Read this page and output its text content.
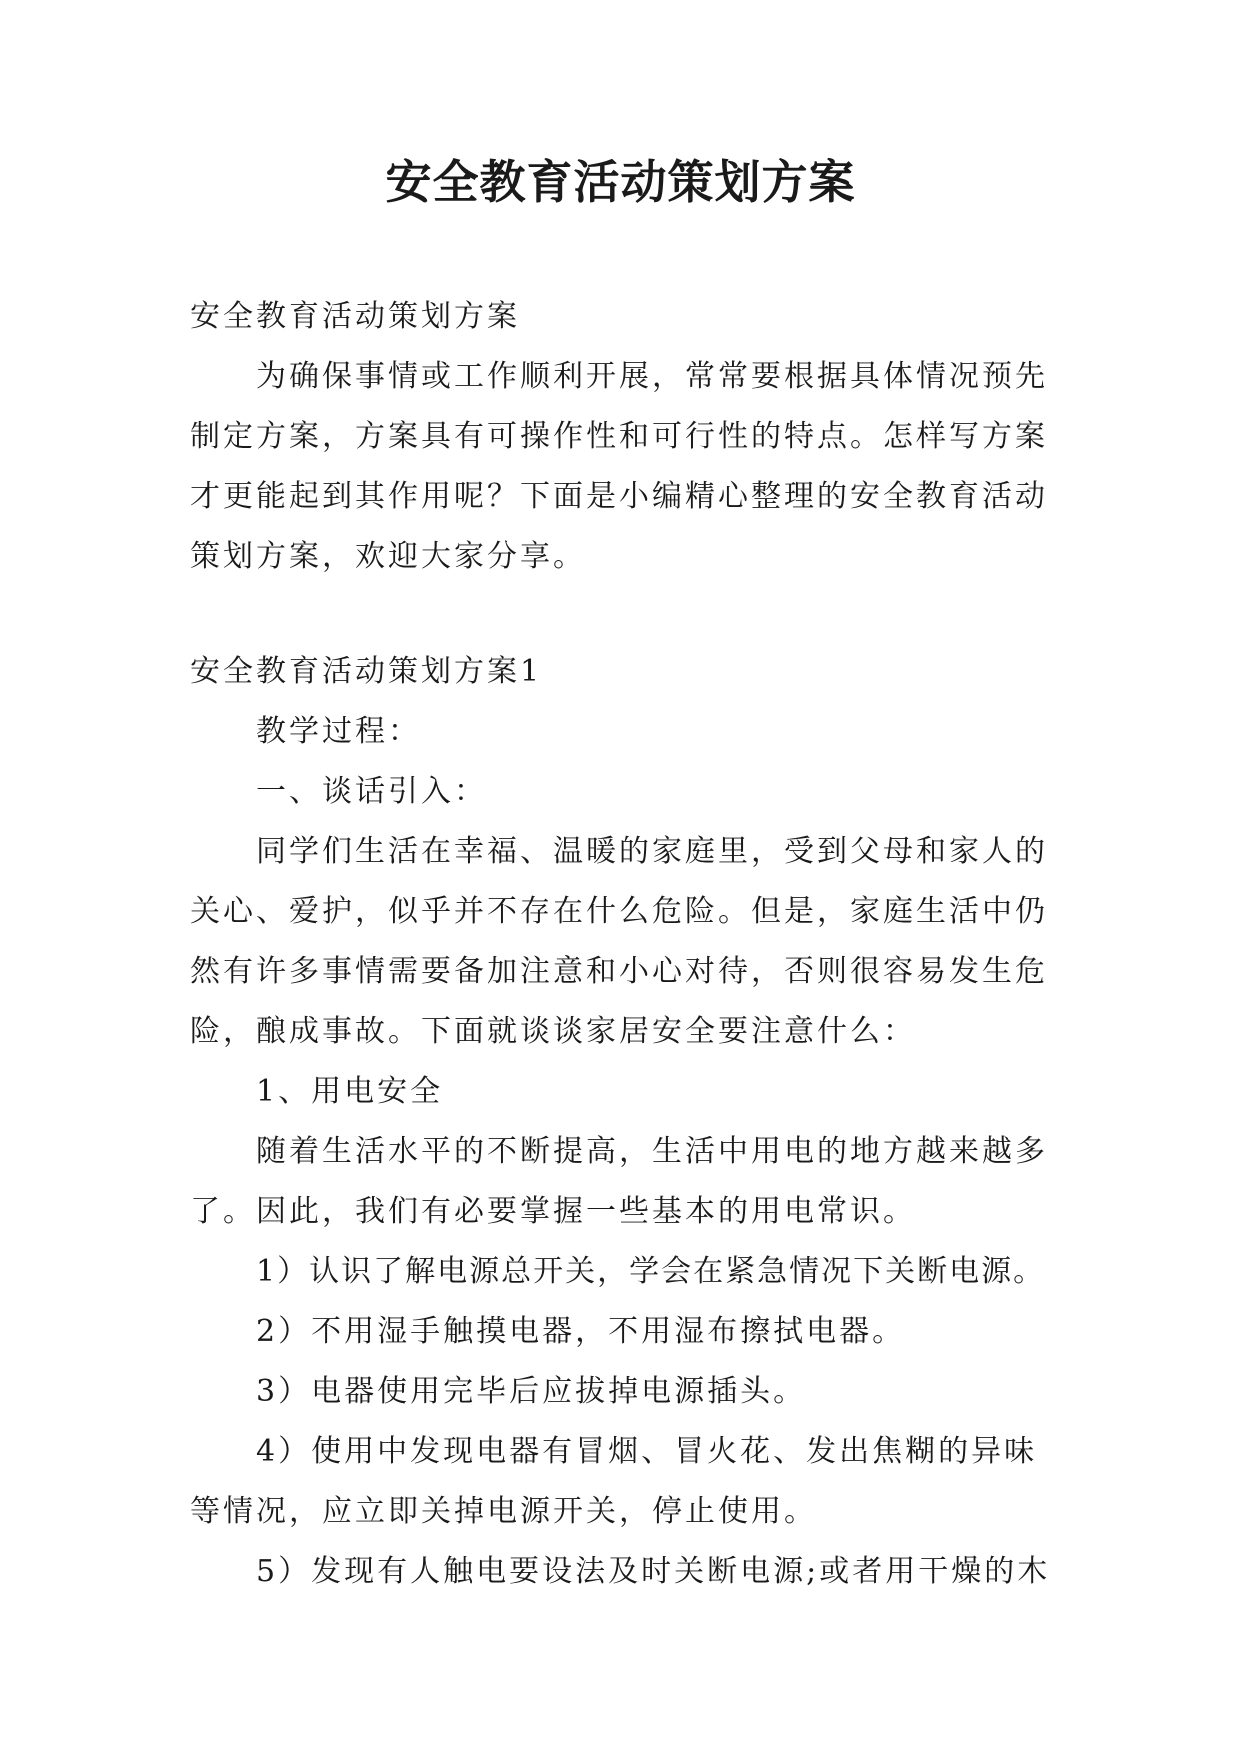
安全教育活动策划方案

安全教育活动策划方案

为确保事情或工作顺利开展，常常要根据具体情况预先制定方案，方案具有可操作性和可行性的特点。怎样写方案才更能起到其作用呢？下面是小编精心整理的安全教育活动策划方案，欢迎大家分享。

安全教育活动策划方案1

教学过程：

一、谈话引入：

同学们生活在幸福、温暖的家庭里，受到父母和家人的关心、爱护，似乎并不存在什么危险。但是，家庭生活中仍然有许多事情需要备加注意和小心对待，否则很容易发生危险，酿成事故。下面就谈谈家居安全要注意什么：

1、用电安全

随着生活水平的不断提高，生活中用电的地方越来越多了。因此，我们有必要掌握一些基本的用电常识。

1）认识了解电源总开关，学会在紧急情况下关断电源。

2）不用湿手触摸电器，不用湿布擦拭电器。

3）电器使用完毕后应拔掉电源插头。

4）使用中发现电器有冒烟、冒火花、发出焦糊的异味等情况，应立即关掉电源开关，停止使用。

5）发现有人触电要设法及时关断电源;或者用干燥的木
